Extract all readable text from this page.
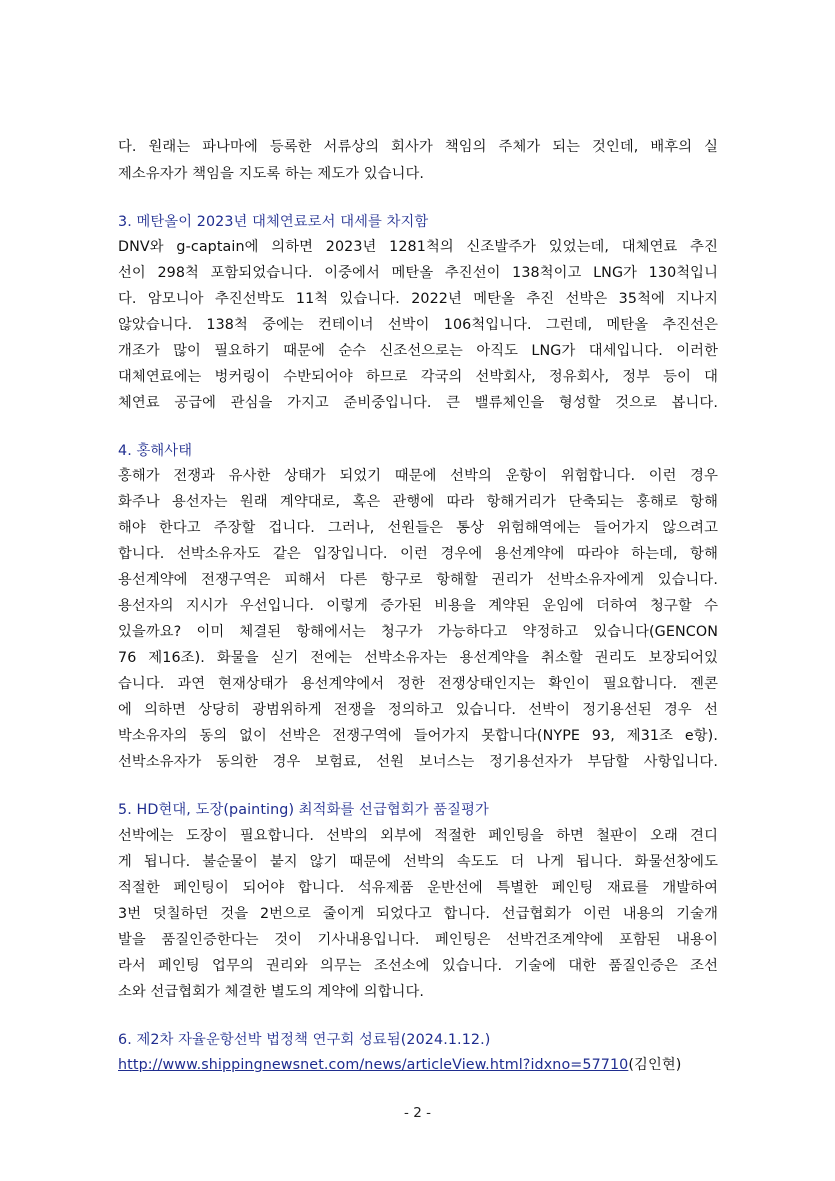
다. 원래는 파나마에 등록한 서류상의 회사가 책임의 주체가 되는 것인데, 배후의 실
제소유자가 책임을 지도록 하는 제도가 있습니다.
3. 메탄올이 2023년 대체연료로서 대세를 차지함
DNV와 g-captain에 의하면 2023년 1281척의 신조발주가 있었는데, 대체연료 추진
선이 298척 포함되었습니다. 이중에서 메탄올 추진선이 138척이고 LNG가 130척입니
다. 암모니아 추진선박도 11척 있습니다. 2022년 메탄올 추진 선박은 35척에 지나지
않았습니다. 138척 중에는 컨테이너 선박이 106척입니다. 그런데, 메탄올 추진선은
개조가 많이 필요하기 때문에 순수 신조선으로는 아직도 LNG가 대세입니다. 이러한
대체연료에는 벙커링이 수반되어야 하므로 각국의 선박회사, 정유회사, 정부 등이 대
체연료 공급에 관심을 가지고 준비중입니다. 큰 밸류체인을 형성할 것으로 봅니다.
4. 홍해사태
홍해가 전쟁과 유사한 상태가 되었기 때문에 선박의 운항이 위험합니다. 이런 경우
화주나 용선자는 원래 계약대로, 혹은 관행에 따라 항해거리가 단축되는 홍해로 항해
해야 한다고 주장할 겁니다. 그러나, 선원들은 통상 위험해역에는 들어가지 않으려고
합니다. 선박소유자도 같은 입장입니다. 이런 경우에 용선계약에 따라야 하는데, 항해
용선계약에 전쟁구역은 피해서 다른 항구로 항해할 권리가 선박소유자에게 있습니다.
용선자의 지시가 우선입니다. 이렇게 증가된 비용을 계약된 운임에 더하여 청구할 수
있을까요? 이미 체결된 항해에서는 청구가 가능하다고 약정하고 있습니다(GENCON
76 제16조). 화물을 싣기 전에는 선박소유자는 용선계약을 취소할 권리도 보장되어있
습니다. 과연 현재상태가 용선계약에서 정한 전쟁상태인지는 확인이 필요합니다. 젠콘
에 의하면 상당히 광범위하게 전쟁을 정의하고 있습니다. 선박이 정기용선된 경우 선
박소유자의 동의 없이 선박은 전쟁구역에 들어가지 못합니다(NYPE 93, 제31조 e항).
선박소유자가 동의한 경우 보험료, 선원 보너스는 정기용선자가 부담할 사항입니다.
5. HD현대, 도장(painting) 최적화를 선급협회가 품질평가
선박에는 도장이 필요합니다. 선박의 외부에 적절한 페인팅을 하면 철판이 오래 견디
게 됩니다. 불순물이 붙지 않기 때문에 선박의 속도도 더 나게 됩니다. 화물선창에도
적절한 페인팅이 되어야 합니다. 석유제품 운반선에 특별한 페인팅 재료를 개발하여
3번 덧칠하던 것을 2번으로 줄이게 되었다고 합니다. 선급협회가 이런 내용의 기술개
발을 품질인증한다는 것이 기사내용입니다. 페인팅은 선박건조계약에 포함된 내용이
라서 페인팅 업무의 권리와 의무는 조선소에 있습니다. 기술에 대한 품질인증은 조선
소와 선급협회가 체결한 별도의 계약에 의합니다.
6. 제2차 자율운항선박 법정책 연구회 성료됨(2024.1.12.)
http://www.shippingnewsnet.com/news/articleView.html?idxno=57710(김인현)
- 2 -
